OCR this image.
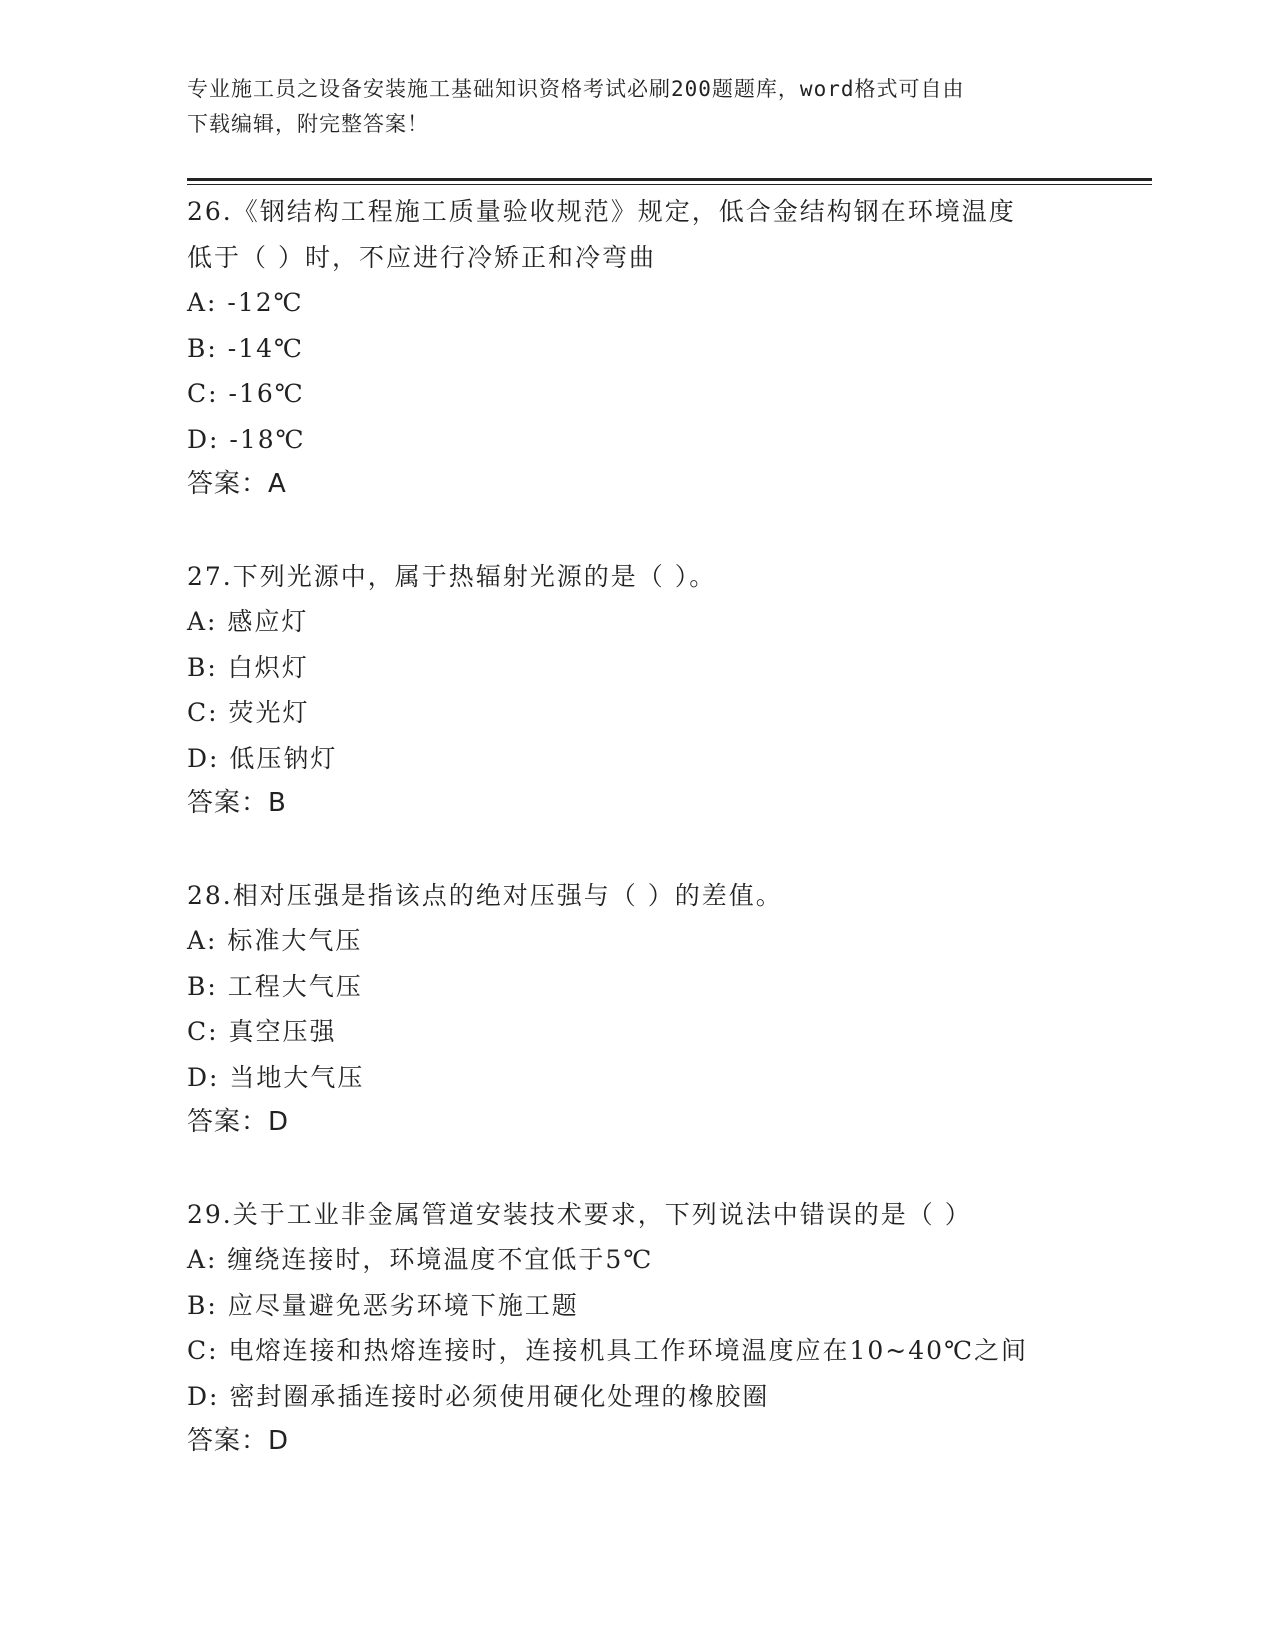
专业施工员之设备安装施工基础知识资格考试必刷200题题库，word格式可自由
下载编辑，附完整答案！
26.《钢结构工程施工质量验收规范》规定，低合金结构钢在环境温度
低于（ ）时，不应进行冷矫正和冷弯曲
A: -12℃
B: -14℃
C: -16℃
D: -18℃
答案：A
27.下列光源中，属于热辐射光源的是（ ）。
A: 感应灯
B: 白炽灯
C: 荧光灯
D: 低压钠灯
答案：B
28.相对压强是指该点的绝对压强与（ ）的差值。
A: 标准大气压
B: 工程大气压
C: 真空压强
D: 当地大气压
答案：D
29.关于工业非金属管道安装技术要求，下列说法中错误的是（ ）
A: 缠绕连接时，环境温度不宜低于5℃
B: 应尽量避免恶劣环境下施工题
C: 电熔连接和热熔连接时，连接机具工作环境温度应在10~40℃之间
D: 密封圈承插连接时必须使用硬化处理的橡胶圈
答案：D
